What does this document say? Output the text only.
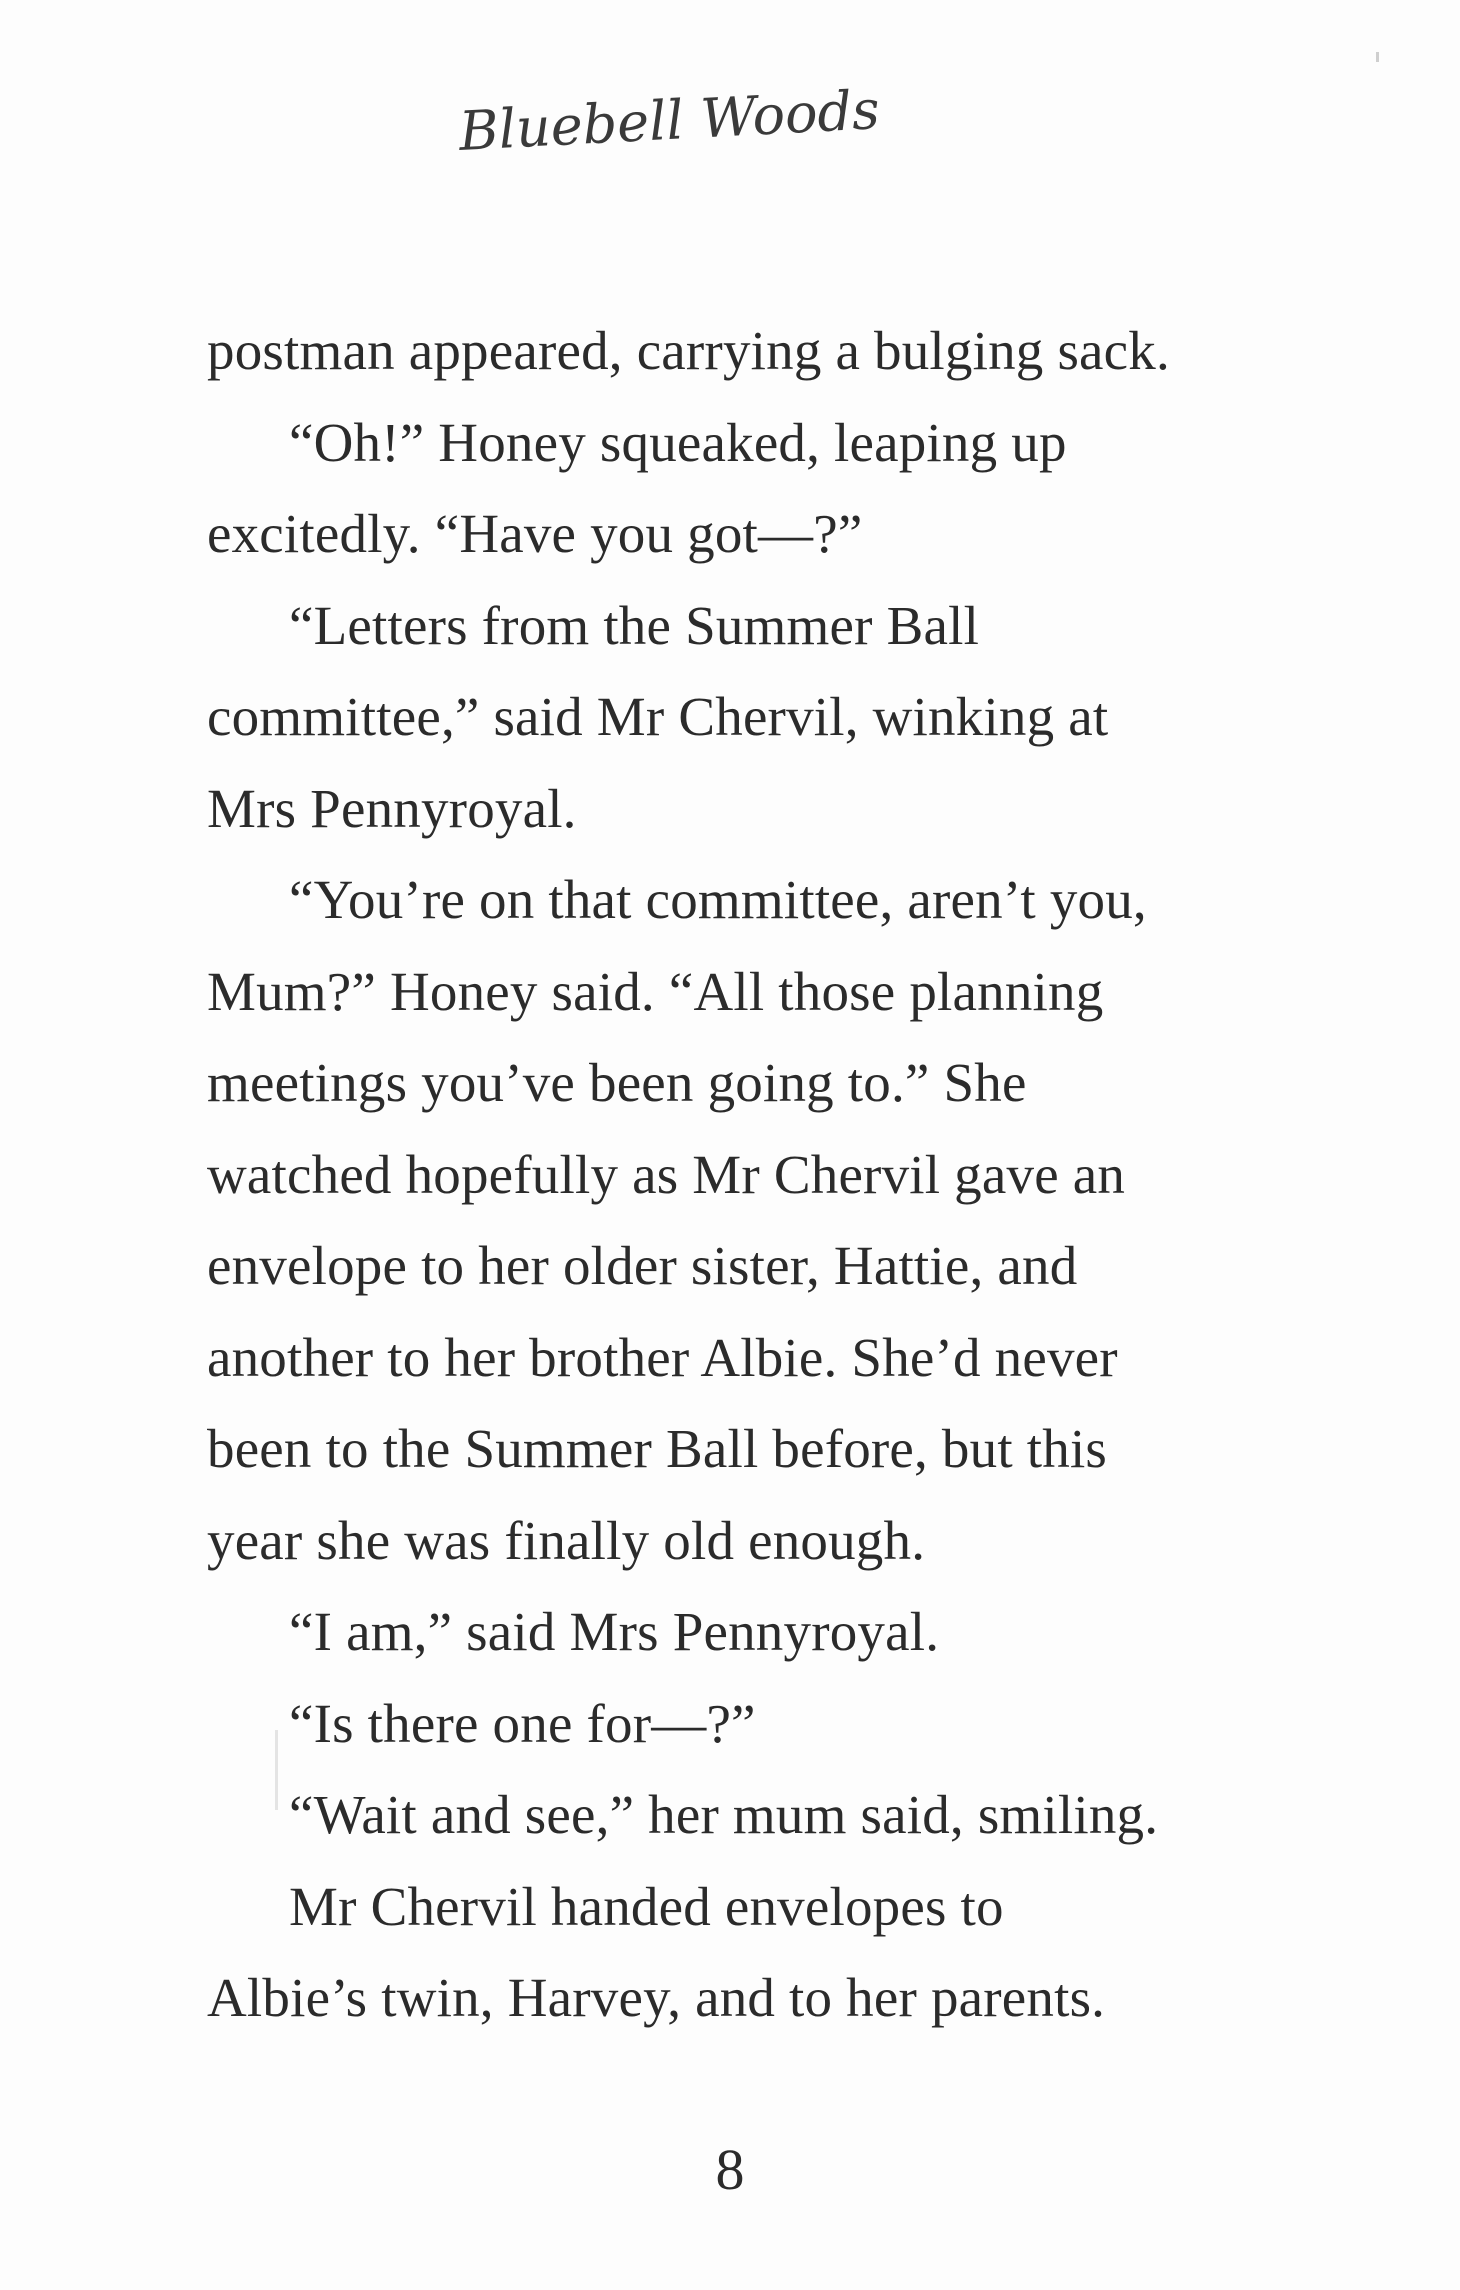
Bluebell Woods
postman appeared, carrying a bulging sack.
“Oh!” Honey squeaked, leaping up
excitedly. “Have you got—?”
“Letters from the Summer Ball
committee,” said Mr Chervil, winking at
Mrs Pennyroyal.
“You’re on that committee, aren’t you,
Mum?” Honey said. “All those planning
meetings you’ve been going to.” She
watched hopefully as Mr Chervil gave an
envelope to her older sister, Hattie, and
another to her brother Albie. She’d never
been to the Summer Ball before, but this
year she was finally old enough.
“I am,” said Mrs Pennyroyal.
“Is there one for—?”
“Wait and see,” her mum said, smiling.
Mr Chervil handed envelopes to
Albie’s twin, Harvey, and to her parents.
8
